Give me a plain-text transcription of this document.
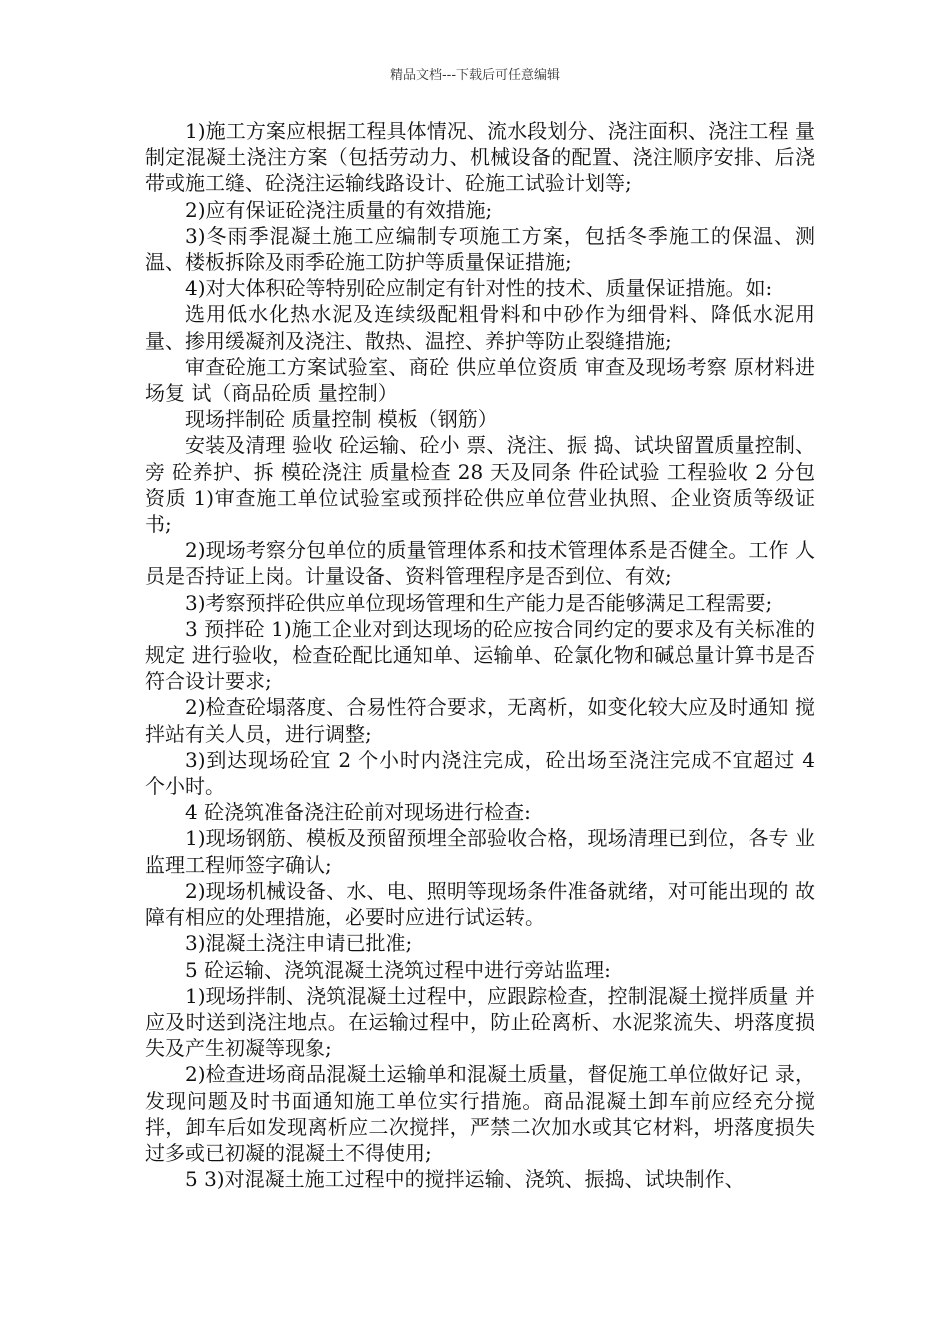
精品文档---下载后可任意编辑

1)施工方案应根据工程具体情况、流水段划分、浇注面积、浇注工程 量制定混凝土浇注方案（包括劳动力、机械设备的配置、浇注顺序安排、后浇带或施工缝、砼浇注运输线路设计、砼施工试验计划等;

2)应有保证砼浇注质量的有效措施;

3)冬雨季混凝土施工应编制专项施工方案，包括冬季施工的保温、测 温、楼板拆除及雨季砼施工防护等质量保证措施;

4)对大体积砼等特别砼应制定有针对性的技术、质量保证措施。如:

选用低水化热水泥及连续级配粗骨料和中砂作为细骨料、降低水泥用量、掺用缓凝剂及浇注、散热、温控、养护等防止裂缝措施;

审查砼施工方案试验室、商砼 供应单位资质 审查及现场考察 原材料进场复 试（商品砼质 量控制）

现场拌制砼 质量控制 模板（钢筋）

安装及清理 验收 砼运输、砼小 票、浇注、振 捣、试块留置质量控制、旁 砼养护、拆 模砼浇注 质量检查 28 天及同条 件砼试验 工程验收 2 分包资质 1)审查施工单位试验室或预拌砼供应单位营业执照、企业资质等级证 书;

2)现场考察分包单位的质量管理体系和技术管理体系是否健全。工作 人员是否持证上岗。计量设备、资料管理程序是否到位、有效;

3)考察预拌砼供应单位现场管理和生产能力是否能够满足工程需要;

3 预拌砼 1)施工企业对到达现场的砼应按合同约定的要求及有关标准的规定 进行验收，检查砼配比通知单、运输单、砼氯化物和碱总量计算书是否符合设计要求;

2)检查砼塌落度、合易性符合要求，无离析，如变化较大应及时通知 搅拌站有关人员，进行调整;

3)到达现场砼宜 2 个小时内浇注完成，砼出场至浇注完成不宜超过 4 个小时。

4 砼浇筑准备浇注砼前对现场进行检查:

1)现场钢筋、模板及预留预埋全部验收合格，现场清理已到位，各专 业监理工程师签字确认;

2)现场机械设备、水、电、照明等现场条件准备就绪，对可能出现的 故障有相应的处理措施，必要时应进行试运转。

3)混凝土浇注申请已批准;

5 砼运输、浇筑混凝土浇筑过程中进行旁站监理:

1)现场拌制、浇筑混凝土过程中，应跟踪检查，控制混凝土搅拌质量 并应及时送到浇注地点。在运输过程中，防止砼离析、水泥浆流失、坍落度损失及产生初凝等现象;

2)检查进场商品混凝土运输单和混凝土质量，督促施工单位做好记 录，发现问题及时书面通知施工单位实行措施。商品混凝土卸车前应经充分搅拌，卸车后如发现离析应二次搅拌，严禁二次加水或其它材料，坍落度损失过多或已初凝的混凝土不得使用;

5 3)对混凝土施工过程中的搅拌运输、浇筑、振捣、试块制作、
